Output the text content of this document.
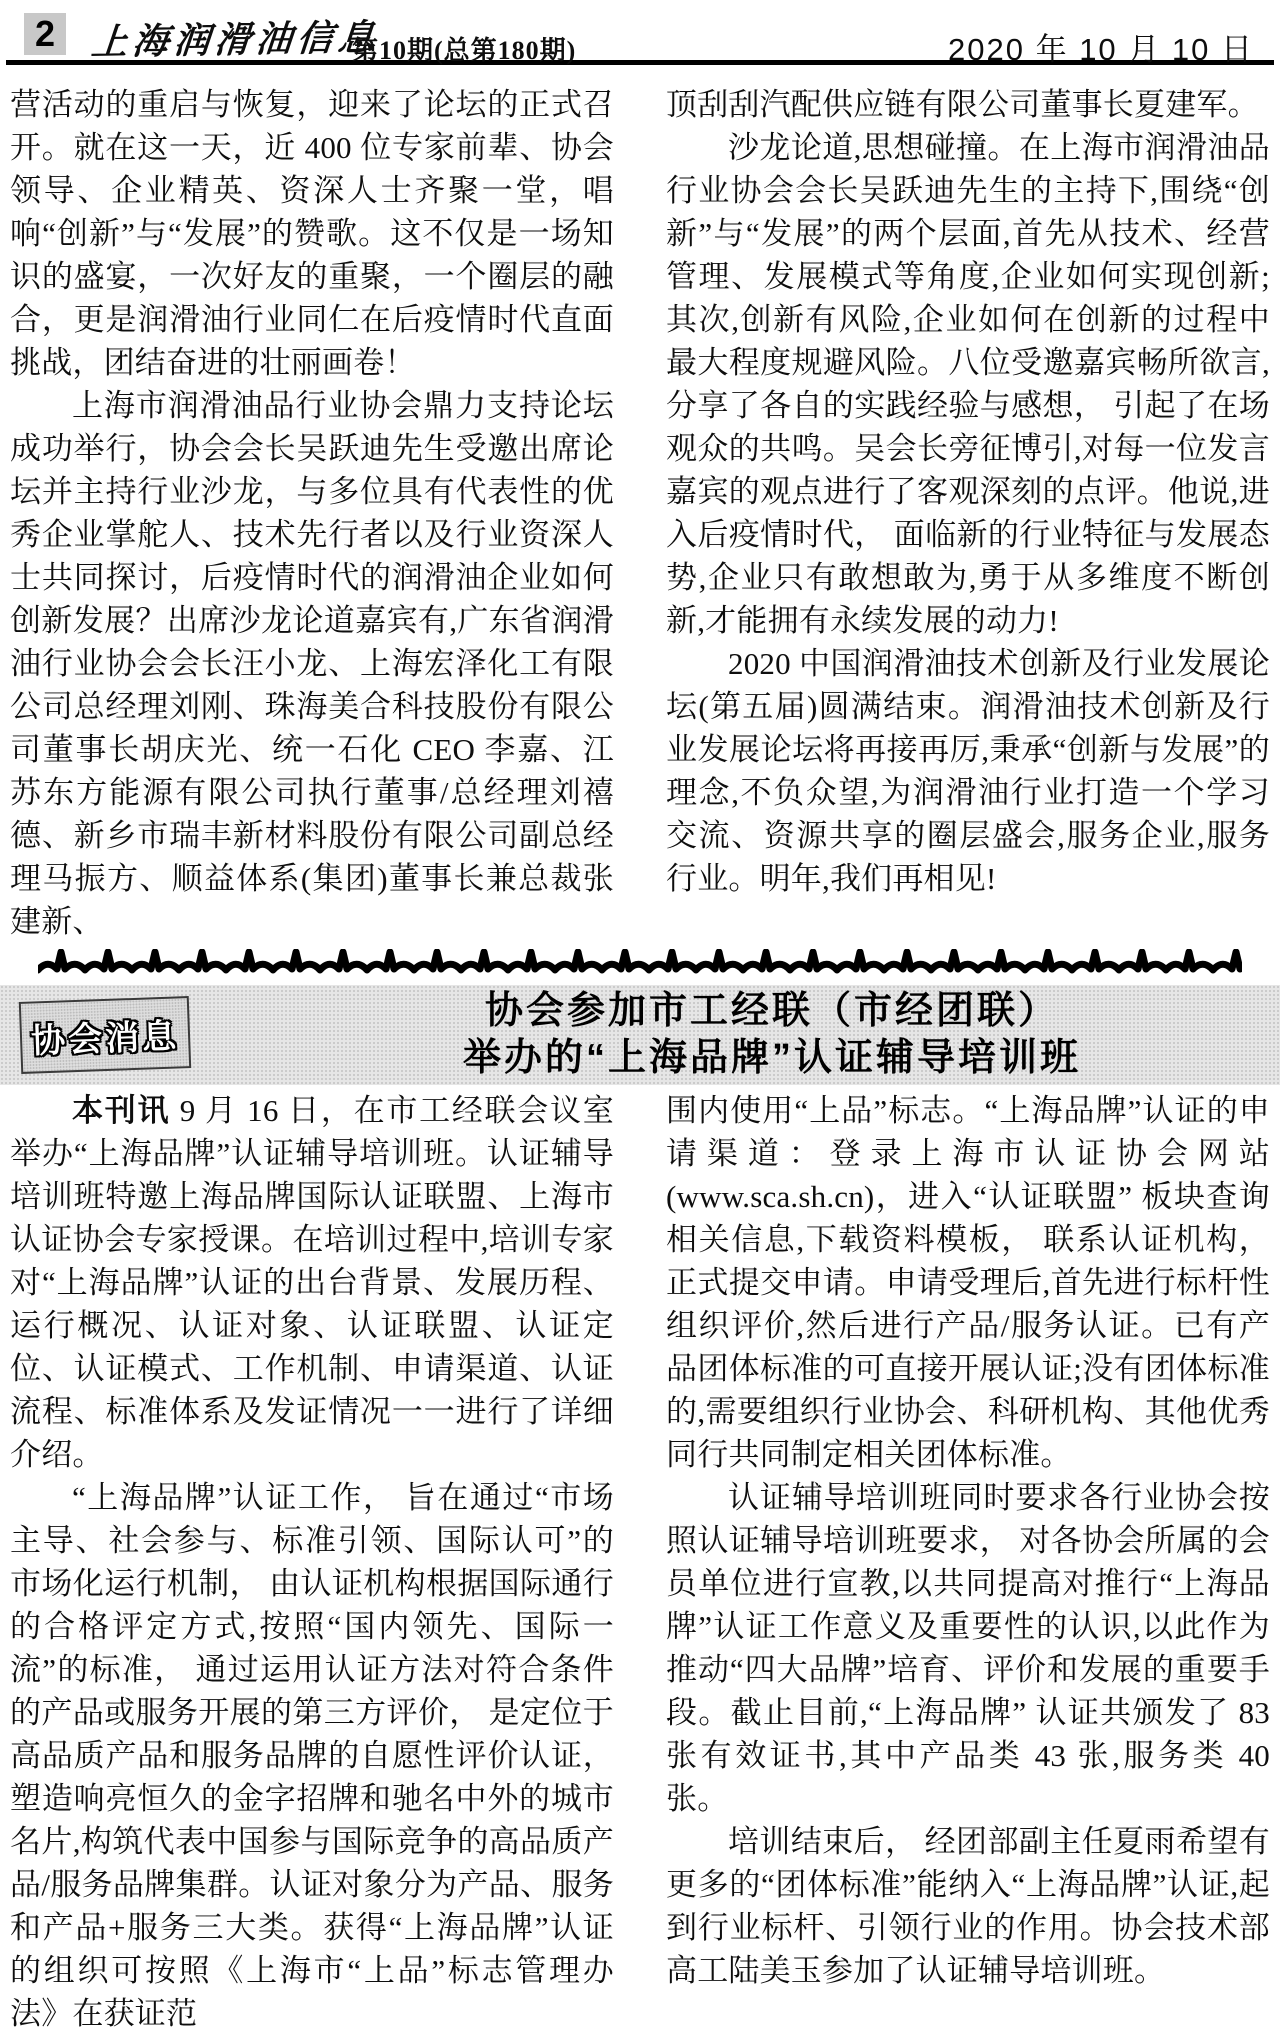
2 上海润滑油信息
第10期(总第180期)	2020 年 10 月 10 日

营活动的重启与恢复，迎来了论坛的正式召开。就在这一天，近 400 位专家前辈、协会领导、企业精英、资深人士齐聚一堂，唱响“创新”与“发展”的赞歌。这不仅是一场知识的盛宴，一次好友的重聚，一个圈层的融合，更是润滑油行业同仁在后疫情时代直面挑战，团结奋进的壮丽画卷！

上海市润滑油品行业协会鼎力支持论坛成功举行，协会会长吴跃迪先生受邀出席论坛并主持行业沙龙，与多位具有代表性的优秀企业掌舵人、技术先行者以及行业资深人士共同探讨，后疫情时代的润滑油企业如何创新发展？出席沙龙论道嘉宾有,广东省润滑油行业协会会长汪小龙、上海宏泽化工有限公司总经理刘刚、珠海美合科技股份有限公司董事长胡庆光、统一石化 CEO 李嘉、江苏东方能源有限公司执行董事/总经理刘禧德、新乡市瑞丰新材料股份有限公司副总经理马振方、顺益体系(集团)董事长兼总裁张建新、

顶刮刮汽配供应链有限公司董事长夏建军。

沙龙论道,思想碰撞。在上海市润滑油品行业协会会长吴跃迪先生的主持下,围绕“创新”与“发展”的两个层面,首先从技术、经营管理、发展模式等角度,企业如何实现创新;其次,创新有风险,企业如何在创新的过程中最大程度规避风险。八位受邀嘉宾畅所欲言,分享了各自的实践经验与感想， 引起了在场观众的共鸣。吴会长旁征博引,对每一位发言嘉宾的观点进行了客观深刻的点评。他说,进入后疫情时代， 面临新的行业特征与发展态势,企业只有敢想敢为,勇于从多维度不断创新,才能拥有永续发展的动力!

2020 中国润滑油技术创新及行业发展论坛(第五届)圆满结束。润滑油技术创新及行业发展论坛将再接再厉,秉承“创新与发展”的理念,不负众望,为润滑油行业打造一个学习交流、资源共享的圈层盛会,服务企业,服务行业。明年,我们再相见!

协会消息
协会参加市工经联（市经团联）
举办的“上海品牌”认证辅导培训班

本刊讯 9 月 16 日，在市工经联会议室举办“上海品牌”认证辅导培训班。认证辅导培训班特邀上海品牌国际认证联盟、上海市认证协会专家授课。在培训过程中,培训专家对“上海品牌”认证的出台背景、发展历程、运行概况、认证对象、认证联盟、认证定位、认证模式、工作机制、申请渠道、认证流程、标准体系及发证情况一一进行了详细介绍。

“上海品牌”认证工作， 旨在通过“市场主导、社会参与、标准引领、国际认可”的市场化运行机制， 由认证机构根据国际通行的合格评定方式,按照“国内领先、国际一流”的标准， 通过运用认证方法对符合条件的产品或服务开展的第三方评价， 是定位于高品质产品和服务品牌的自愿性评价认证， 塑造响亮恒久的金字招牌和驰名中外的城市名片,构筑代表中国参与国际竞争的高品质产品/服务品牌集群。认证对象分为产品、服务和产品+服务三大类。获得“上海品牌”认证的组织可按照《上海市“上品”标志管理办法》在获证范

围内使用“上品”标志。“上海品牌”认证的申请渠道：登录上海市认证协会网站(www.sca.sh.cn)，进入“认证联盟” 板块查询相关信息,下载资料模板， 联系认证机构， 正式提交申请。申请受理后,首先进行标杆性组织评价,然后进行产品/服务认证。已有产品团体标准的可直接开展认证;没有团体标准的,需要组织行业协会、科研机构、其他优秀同行共同制定相关团体标准。

认证辅导培训班同时要求各行业协会按照认证辅导培训班要求， 对各协会所属的会员单位进行宣教,以共同提高对推行“上海品牌”认证工作意义及重要性的认识,以此作为推动“四大品牌”培育、评价和发展的重要手段。截止目前,“上海品牌” 认证共颁发了 83 张有效证书,其中产品类 43 张,服务类 40 张。

培训结束后， 经团部副主任夏雨希望有更多的“团体标准”能纳入“上海品牌”认证,起到行业标杆、引领行业的作用。协会技术部高工陆美玉参加了认证辅导培训班。
